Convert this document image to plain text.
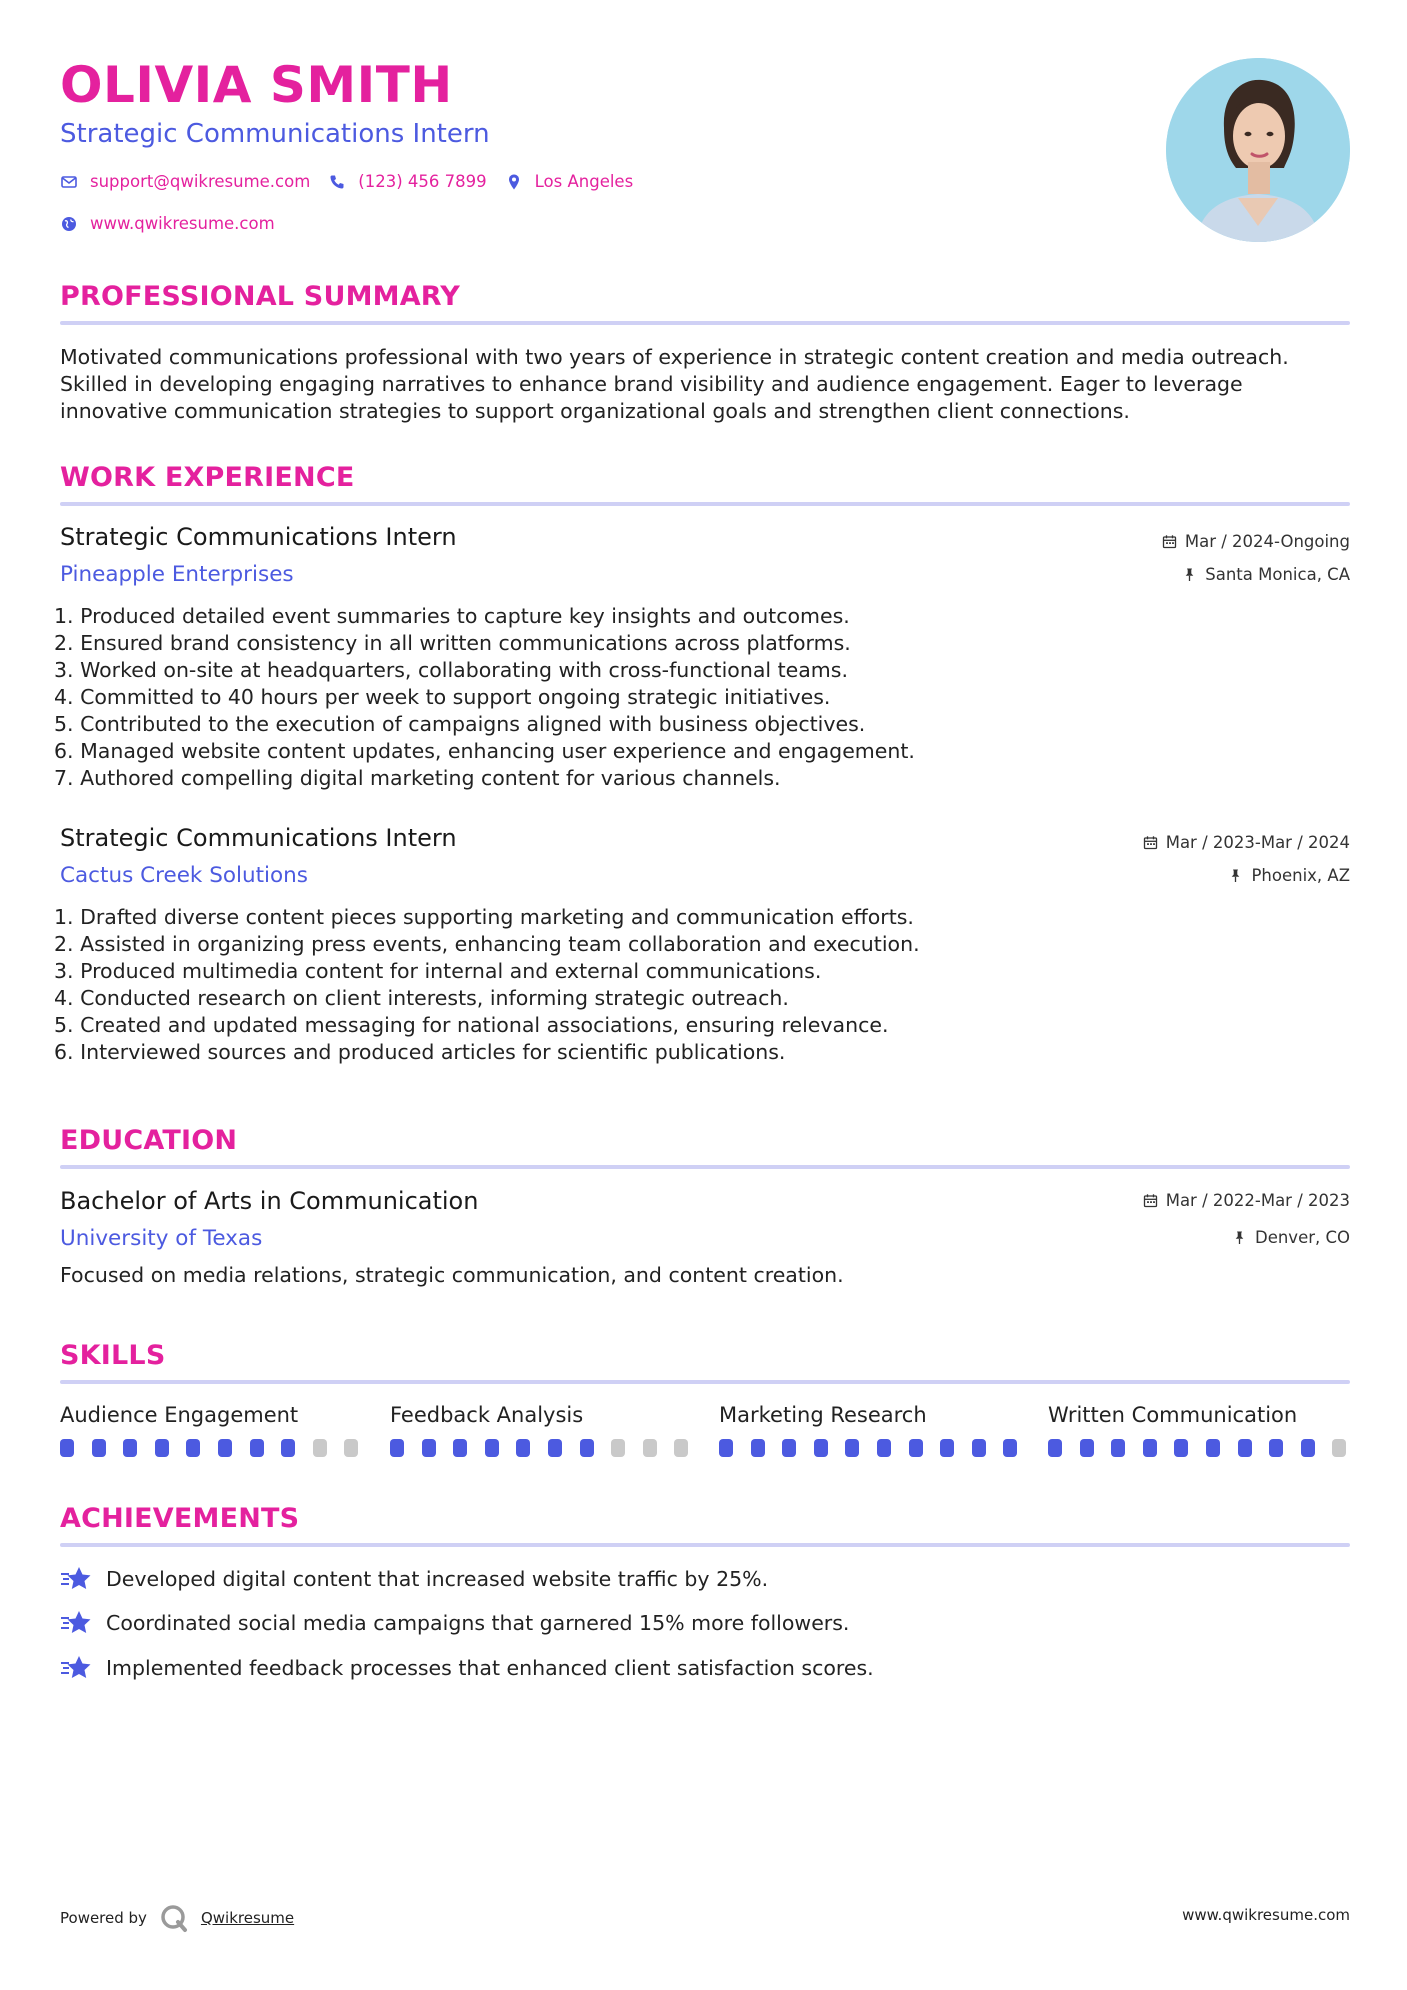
OLIVIA SMITH
Strategic Communications Intern
support@qwikresume.com	(123) 456 7899	Los Angeles
www.qwikresume.com
PROFESSIONAL SUMMARY
Motivated communications professional with two years of experience in strategic content creation and media outreach.
Skilled in developing engaging narratives to enhance brand visibility and audience engagement. Eager to leverage
innovative communication strategies to support organizational goals and strengthen client connections.
WORK EXPERIENCE
Strategic Communications Intern
Pineapple Enterprises
Mar / 2024-Ongoing
Santa Monica, CA
1. Produced detailed event summaries to capture key insights and outcomes.
2. Ensured brand consistency in all written communications across platforms.
3. Worked on-site at headquarters, collaborating with cross-functional teams.
4. Committed to 40 hours per week to support ongoing strategic initiatives.
5. Contributed to the execution of campaigns aligned with business objectives.
6. Managed website content updates, enhancing user experience and engagement.
7. Authored compelling digital marketing content for various channels.
Strategic Communications Intern
Cactus Creek Solutions
Mar / 2023-Mar / 2024
Phoenix, AZ
1. Drafted diverse content pieces supporting marketing and communication efforts.
2. Assisted in organizing press events, enhancing team collaboration and execution.
3. Produced multimedia content for internal and external communications.
4. Conducted research on client interests, informing strategic outreach.
5. Created and updated messaging for national associations, ensuring relevance.
6. Interviewed sources and produced articles for scientific publications.
EDUCATION
Bachelor of Arts in Communication
University of Texas
Mar / 2022-Mar / 2023
Denver, CO
Focused on media relations, strategic communication, and content creation.
SKILLS
Audience Engagement	Feedback Analysis	Marketing Research	Written Communication
ACHIEVEMENTS
Developed digital content that increased website traffic by 25%.
Coordinated social media campaigns that garnered 15% more followers.
Implemented feedback processes that enhanced client satisfaction scores.
Powered by	Qwikresume	www.qwikresume.com
